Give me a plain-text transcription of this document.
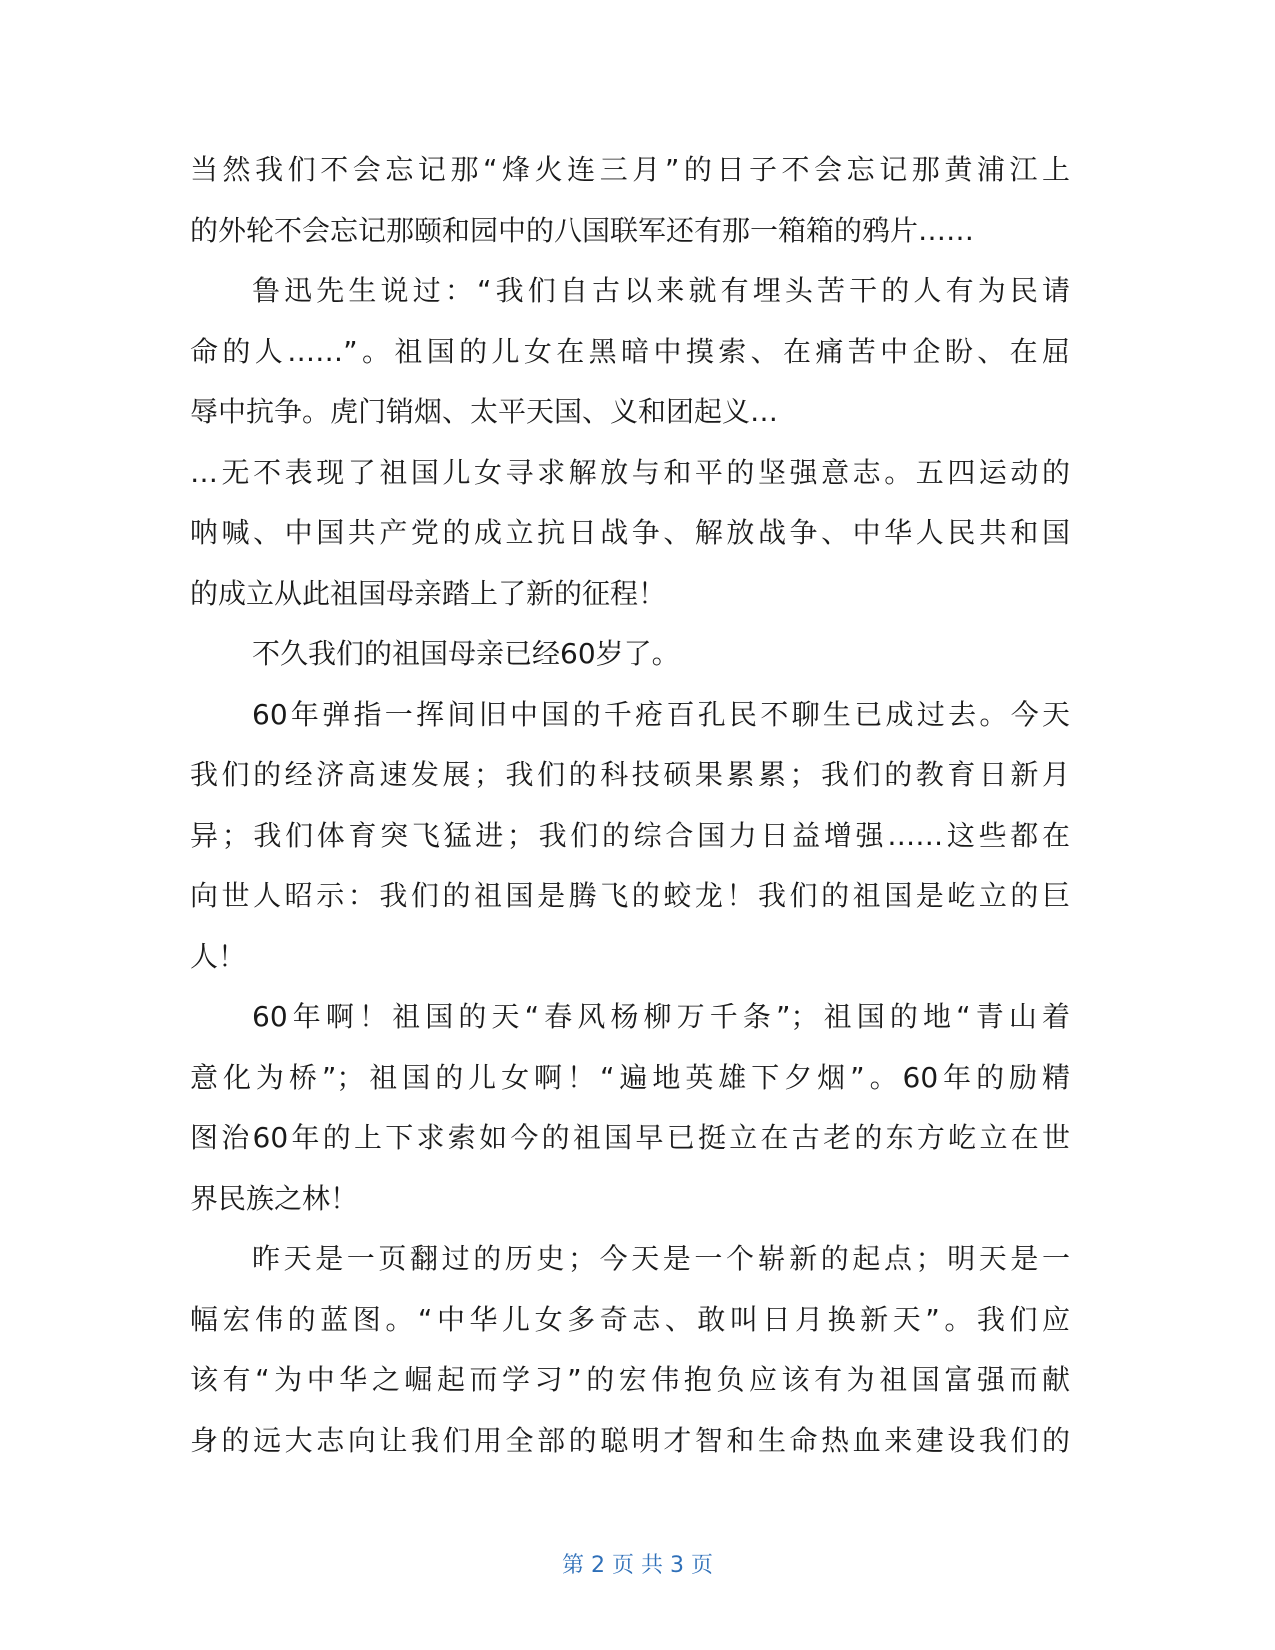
当然我们不会忘记那“烽火连三月”的日子不会忘记那黄浦江上
的外轮不会忘记那颐和园中的八国联军还有那一箱箱的鸦片……
鲁迅先生说过：“我们自古以来就有埋头苦干的人有为民请
命的人……”。祖国的儿女在黑暗中摸索、在痛苦中企盼、在屈
辱中抗争。虎门销烟、太平天国、义和团起义…
…无不表现了祖国儿女寻求解放与和平的坚强意志。五四运动的
呐喊、中国共产党的成立抗日战争、解放战争、中华人民共和国
的成立从此祖国母亲踏上了新的征程！
不久我们的祖国母亲已经60岁了。
60年弹指一挥间旧中国的千疮百孔民不聊生已成过去。今天
我们的经济高速发展；我们的科技硕果累累；我们的教育日新月
异；我们体育突飞猛进；我们的综合国力日益增强……这些都在
向世人昭示：我们的祖国是腾飞的蛟龙！我们的祖国是屹立的巨
人！
60年啊！祖国的天“春风杨柳万千条”；祖国的地“青山着
意化为桥”；祖国的儿女啊！“遍地英雄下夕烟”。60年的励精
图治60年的上下求索如今的祖国早已挺立在古老的东方屹立在世
界民族之林！
昨天是一页翻过的历史；今天是一个崭新的起点；明天是一
幅宏伟的蓝图。“中华儿女多奇志、敢叫日月换新天”。我们应
该有“为中华之崛起而学习”的宏伟抱负应该有为祖国富强而献
身的远大志向让我们用全部的聪明才智和生命热血来建设我们的
第 2 页 共 3 页
